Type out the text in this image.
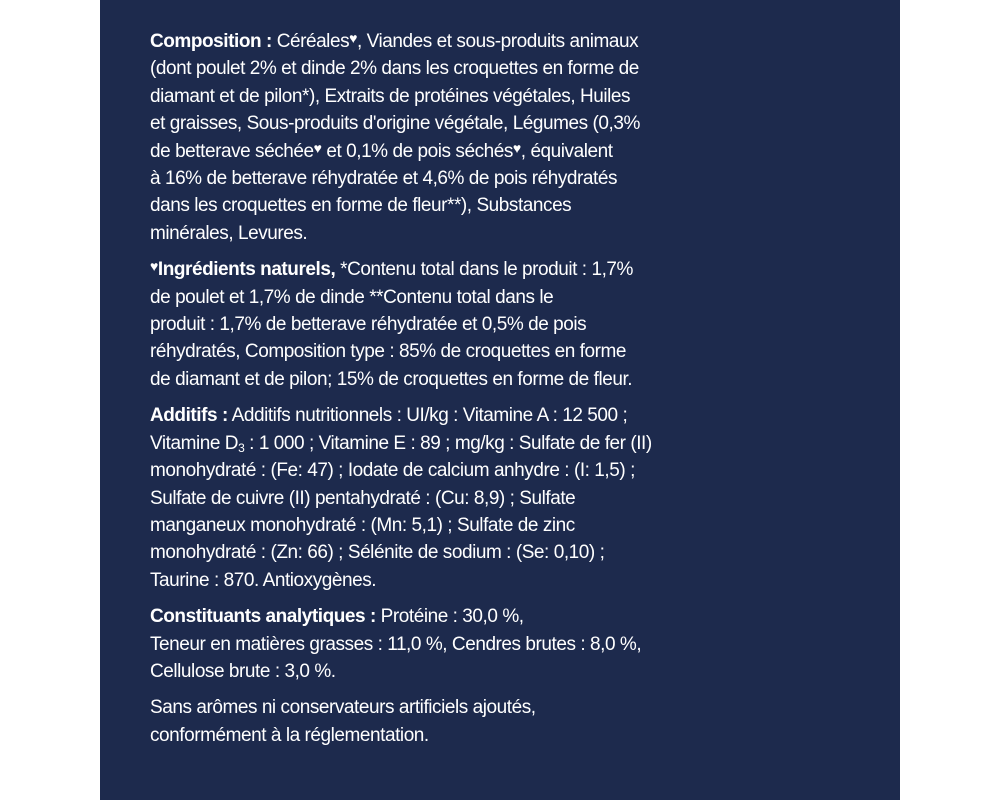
Composition : Céréales♥, Viandes et sous-produits animaux
(dont poulet 2% et dinde 2% dans les croquettes en forme de
diamant et de pilon*), Extraits de protéines végétales, Huiles
et graisses, Sous-produits d'origine végétale, Légumes (0,3%
de betterave séchée♥ et 0,1% de pois séchés♥, équivalent
à 16% de betterave réhydratée et 4,6% de pois réhydratés
dans les croquettes en forme de fleur**), Substances
minérales, Levures.
♥Ingrédients naturels, *Contenu total dans le produit : 1,7%
de poulet et 1,7% de dinde **Contenu total dans le
produit : 1,7% de betterave réhydratée et 0,5% de pois
réhydratés, Composition type : 85% de croquettes en forme
de diamant et de pilon; 15% de croquettes en forme de fleur.
Additifs : Additifs nutritionnels : UI/kg : Vitamine A : 12 500 ;
Vitamine $D_3$ : 1 000 ; Vitamine E : 89 ; mg/kg : Sulfate de fer (II)
monohydraté : (Fe: 47) ; Iodate de calcium anhydre : (I: 1,5) ;
Sulfate de cuivre (II) pentahydraté : (Cu: 8,9) ; Sulfate
manganeux monohydraté : (Mn: 5,1) ; Sulfate de zinc
monohydraté : (Zn: 66) ; Sélénite de sodium : (Se: 0,10) ;
Taurine : 870. Antioxygènes.
Constituants analytiques : Protéine : 30,0 %,
Teneur en matières grasses : 11,0 %, Cendres brutes : 8,0 %,
Cellulose brute : 3,0 %.
Sans arômes ni conservateurs artificiels ajoutés,
conformément à la réglementation.
